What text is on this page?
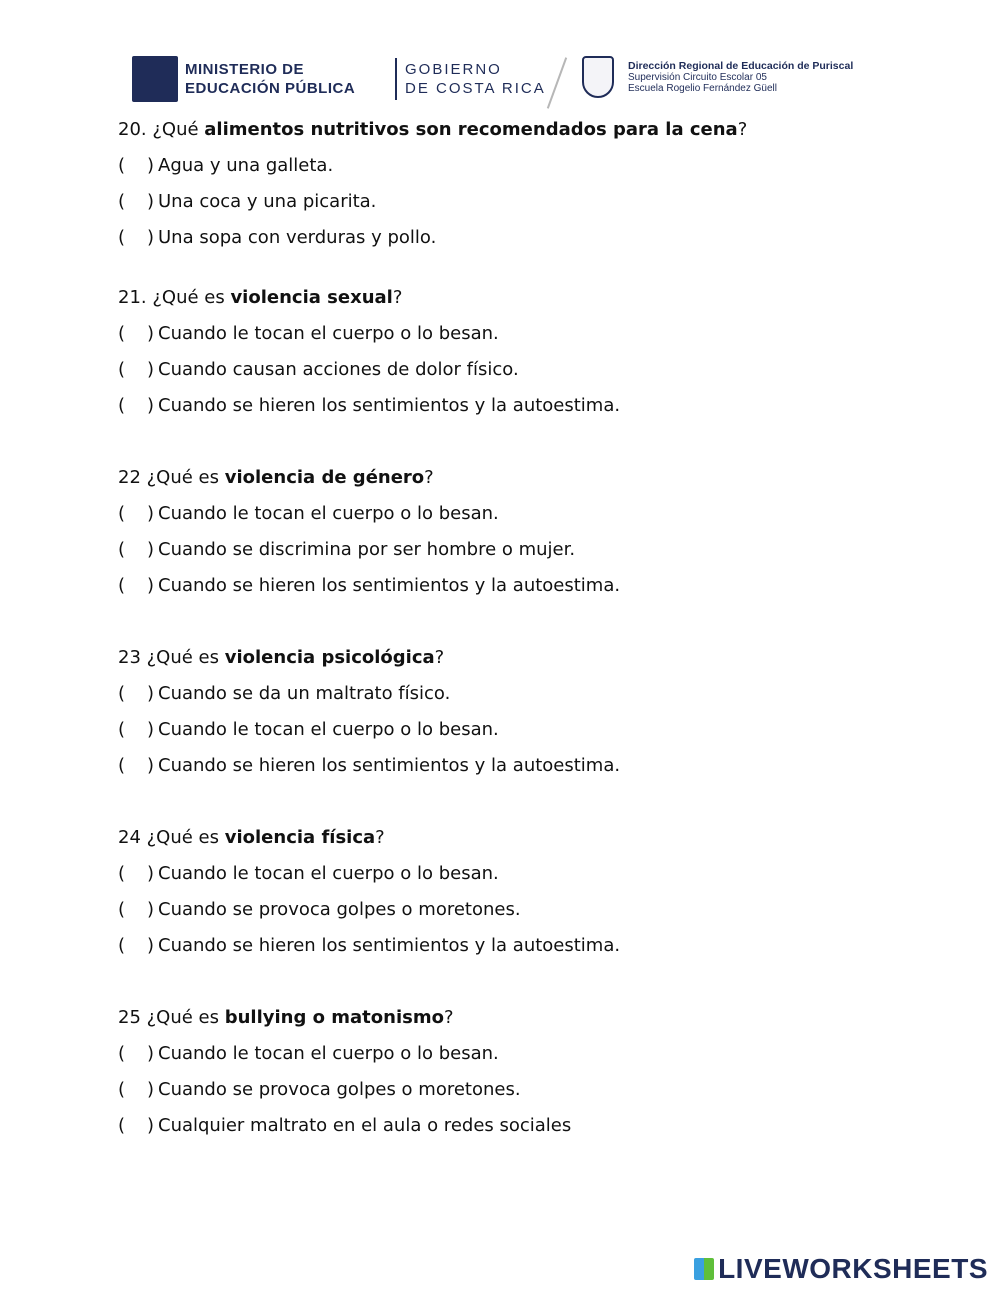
MINISTERIO DE
EDUCACIÓN PÚBLICA
GOBIERNO
DE COSTA RICA
Dirección Regional de Educación de Puriscal
Supervisión Circuito Escolar 05
Escuela Rogelio Fernández Güell
20. ¿Qué alimentos nutritivos son recomendados para la cena?
( ) Agua y una galleta.
( ) Una coca y una picarita.
( ) Una sopa con verduras y pollo.
21. ¿Qué es violencia sexual?
( ) Cuando le tocan el cuerpo o lo besan.
( ) Cuando causan acciones de dolor físico.
( ) Cuando se hieren los sentimientos y la autoestima.
22 ¿Qué es violencia de género?
( ) Cuando le tocan el cuerpo o lo besan.
( ) Cuando se discrimina por ser hombre o mujer.
( ) Cuando se hieren los sentimientos y la autoestima.
23 ¿Qué es violencia psicológica?
( ) Cuando se da un maltrato físico.
( ) Cuando le tocan el cuerpo o lo besan.
( ) Cuando se hieren los sentimientos y la autoestima.
24 ¿Qué es violencia física?
( ) Cuando le tocan el cuerpo o lo besan.
( ) Cuando se provoca golpes o moretones.
( ) Cuando se hieren los sentimientos y la autoestima.
25 ¿Qué es bullying o matonismo?
( ) Cuando le tocan el cuerpo o lo besan.
( ) Cuando se provoca golpes o moretones.
( ) Cualquier maltrato en el aula o redes sociales
LIVEWORKSHEETS
